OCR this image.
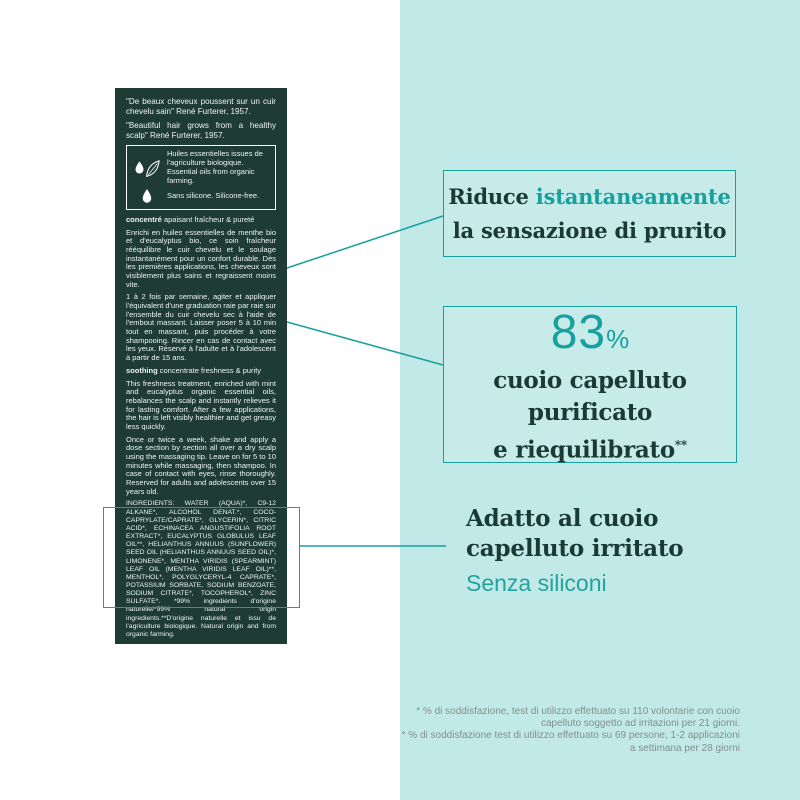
"De beaux cheveux poussent sur un cuir chevelu sain" René Furterer, 1957.

"Beautiful hair grows from a healthy scalp" René Furterer, 1957.

Huiles essentielles issues de l'agriculture biologique. Essential oils from organic farming.
Sans silicone. Silicone-free.

concentré apaisant fraîcheur & pureté

Enrichi en huiles essentielles de menthe bio et d'eucalyptus bio, ce soin fraîcheur rééquilibre le cuir chevelu et le soulage instantanément pour un confort durable. Dès les premières applications, les cheveux sont visiblement plus sains et regraissent moins vite.

1 à 2 fois par semaine, agiter et appliquer l'équivalent d'une graduation raie par raie sur l'ensemble du cuir chevelu sec à l'aide de l'embout massant. Laisser poser 5 à 10 min tout en massant, puis procéder à votre shampooing. Rincer en cas de contact avec les yeux. Réservé à l'adulte et à l'adolescent à partir de 15 ans.

soothing concentrate freshness & purity

This freshness treatment, enriched with mint and eucalyptus organic essential oils, rebalances the scalp and instantly relieves it for lasting comfort. After a few applications, the hair is left visibly healthier and get greasy less quickly.

Once or twice a week, shake and apply a dose section by section all over a dry scalp using the massaging tip. Leave on for 5 to 10 minutes while massaging, then shampoo. In case of contact with eyes, rinse thoroughly. Reserved for adults and adolescents over 15 years old.

INGREDIENTS: WATER (AQUA)*, C9-12 ALKANE*, ALCOHOL DENAT.*, COCO-CAPRYLATE/CAPRATE*, GLYCERIN*, CITRIC ACID*, ECHINACEA ANGUSTIFOLIA ROOT EXTRACT*, EUCALYPTUS GLOBULUS LEAF OIL**, HELIANTHUS ANNUUS (SUNFLOWER) SEED OIL (HELIANTHUS ANNUUS SEED OIL)*, LIMONENE*, MENTHA VIRIDIS (SPEARMINT) LEAF OIL (MENTHA VIRIDIS LEAF OIL)**, MENTHOL*, POLYGLYCERYL-4 CAPRATE*, POTASSIUM SORBATE, SODIUM BENZOATE, SODIUM CITRATE*, TOCOPHEROL*, ZINC SULFATE*. *99% ingredients d'origine naturelle/*99% natural origin ingredients.**D'origine naturelle et issu de l'agriculture biologique. Natural origin and from organic farming.

Riduce istantaneamente
la sensazione di prurito
83%
cuoio capelluto
purificato
e riequilibrato**
Adatto al cuoio
capelluto irritato
Senza siliconi
* % di soddisfazione, test di utilizzo effettuato su 110 volontarie con cuoio capelluto soggetto ad irritazioni per 21 giorni.
* % di soddisfazione test di utilizzo effettuato su 69 persone, 1-2 applicazioni a settimana per 28 giorni
